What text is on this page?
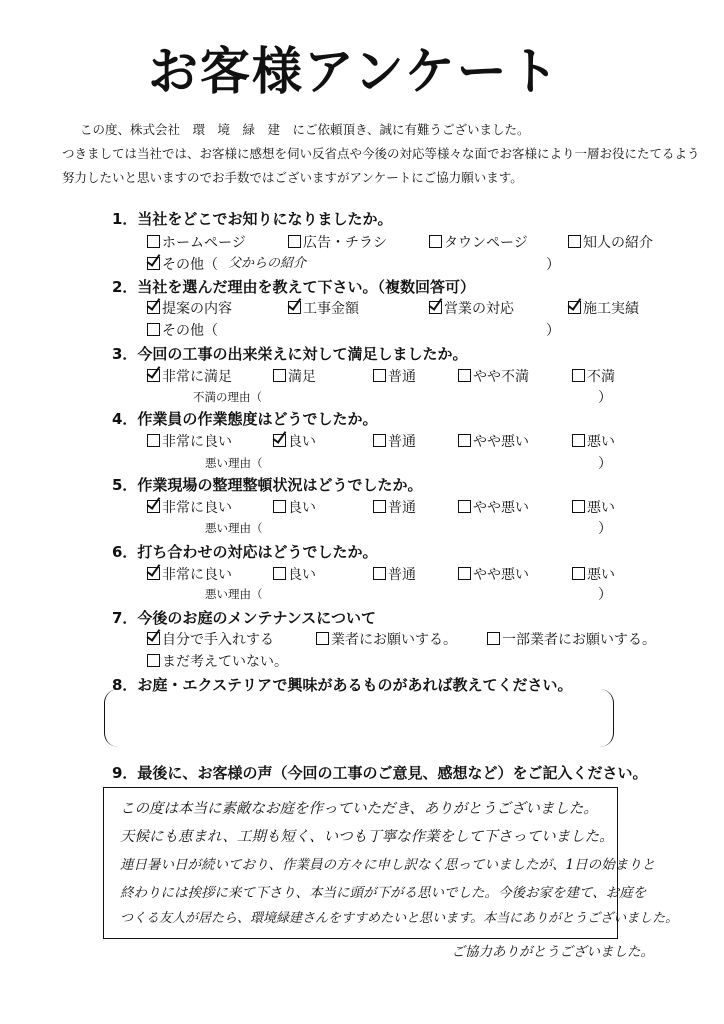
お客様アンケート
この度、株式会社　環　境　緑　建　にご依頼頂き、誠に有難うございました。
つきましては当社では、お客様に感想を伺い反省点や今後の対応等様々な面でお客様により一層お役にたてるよう
努力したいと思いますのでお手数ではございますがアンケートにご協力願います。
1．当社をどこでお知りになりましたか。
ホームページ	広告・チラシ	タウンページ	知人の紹介
その他（ 父からの紹介	）
2．当社を選んだ理由を教えて下さい。（複数回答可）
提案の内容	工事金額	営業の対応	施工実績
その他（	）
3．今回の工事の出来栄えに対して満足しましたか。
非常に満足	満足	普通	やや不満	不満
不満の理由（	）
4．作業員の作業態度はどうでしたか。
非常に良い	良い	普通	やや悪い	悪い
悪い理由（	）
5．作業現場の整理整頓状況はどうでしたか。
非常に良い	良い	普通	やや悪い	悪い
悪い理由（	）
6．打ち合わせの対応はどうでしたか。
非常に良い	良い	普通	やや悪い	悪い
悪い理由（	）
7．今後のお庭のメンテナンスについて
自分で手入れする	業者にお願いする。	一部業者にお願いする。
まだ考えていない。
8．お庭・エクステリアで興味があるものがあれば教えてください。
9．最後に、お客様の声（今回の工事のご意見、感想など）をご記入ください。
この度は本当に素敵なお庭を作っていただき、ありがとうございました。
天候にも恵まれ、工期も短く、いつも丁寧な作業をして下さっていました。
連日暑い日が続いており、作業員の方々に申し訳なく思っていましたが、1日の始まりと
終わりには挨拶に来て下さり、本当に頭が下がる思いでした。今後お家を建て、お庭を
つくる友人が居たら、環境緑建さんをすすめたいと思います。本当にありがとうございました。
ご協力ありがとうございました。
